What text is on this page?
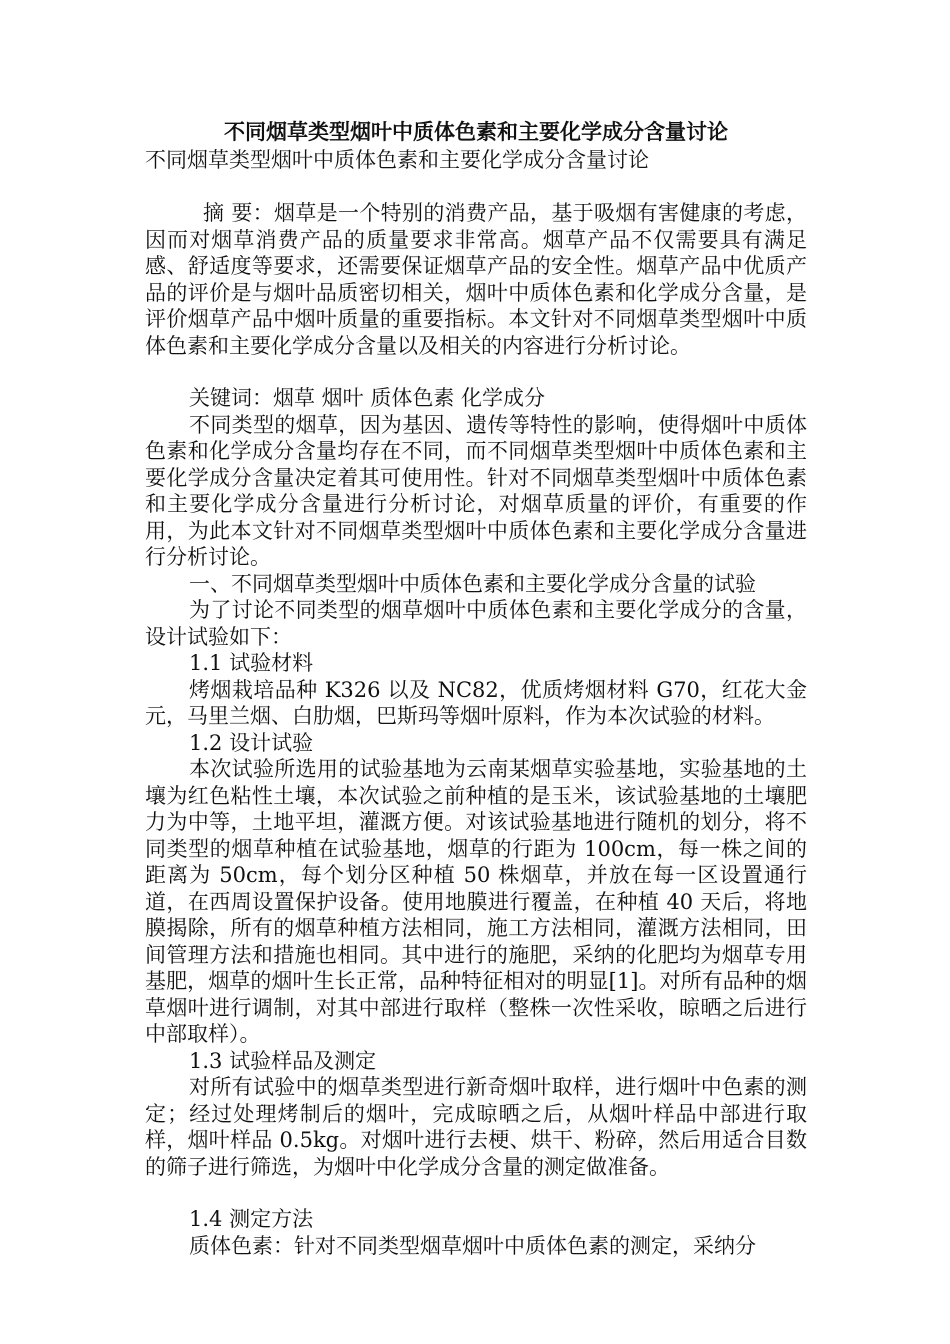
不同烟草类型烟叶中质体色素和主要化学成分含量讨论

不同烟草类型烟叶中质体色素和主要化学成分含量讨论

摘 要：烟草是一个特别的消费产品，基于吸烟有害健康的考虑，因而对烟草消费产品的质量要求非常高。烟草产品不仅需要具有满足感、舒适度等要求，还需要保证烟草产品的安全性。烟草产品中优质产品的评价是与烟叶品质密切相关，烟叶中质体色素和化学成分含量，是评价烟草产品中烟叶质量的重要指标。本文针对不同烟草类型烟叶中质体色素和主要化学成分含量以及相关的内容进行分析讨论。

关键词：烟草 烟叶 质体色素 化学成分

不同类型的烟草，因为基因、遗传等特性的影响，使得烟叶中质体色素和化学成分含量均存在不同，而不同烟草类型烟叶中质体色素和主要化学成分含量决定着其可使用性。针对不同烟草类型烟叶中质体色素和主要化学成分含量进行分析讨论，对烟草质量的评价，有重要的作用，为此本文针对不同烟草类型烟叶中质体色素和主要化学成分含量进行分析讨论。

一、不同烟草类型烟叶中质体色素和主要化学成分含量的试验

为了讨论不同类型的烟草烟叶中质体色素和主要化学成分的含量，设计试验如下：

1.1 试验材料

烤烟栽培品种 K326 以及 NC82，优质烤烟材料 G70，红花大金元，马里兰烟、白肋烟，巴斯玛等烟叶原料，作为本次试验的材料。

1.2 设计试验

本次试验所选用的试验基地为云南某烟草实验基地，实验基地的土壤为红色粘性土壤，本次试验之前种植的是玉米，该试验基地的土壤肥力为中等，土地平坦，灌溉方便。对该试验基地进行随机的划分，将不同类型的烟草种植在试验基地，烟草的行距为 100cm，每一株之间的距离为 50cm，每个划分区种植 50 株烟草，并放在每一区设置通行道，在西周设置保护设备。使用地膜进行覆盖，在种植 40 天后，将地膜揭除，所有的烟草种植方法相同，施工方法相同，灌溉方法相同，田间管理方法和措施也相同。其中进行的施肥，采纳的化肥均为烟草专用基肥，烟草的烟叶生长正常，品种特征相对的明显[1]。对所有品种的烟草烟叶进行调制，对其中部进行取样（整株一次性采收，晾晒之后进行中部取样）。

1.3 试验样品及测定

对所有试验中的烟草类型进行新奇烟叶取样，进行烟叶中色素的测定；经过处理烤制后的烟叶，完成晾晒之后，从烟叶样品中部进行取样，烟叶样品 0.5kg。对烟叶进行去梗、烘干、粉碎，然后用适合目数的筛子进行筛选，为烟叶中化学成分含量的测定做准备。

1.4 测定方法

质体色素：针对不同类型烟草烟叶中质体色素的测定，采纳分
